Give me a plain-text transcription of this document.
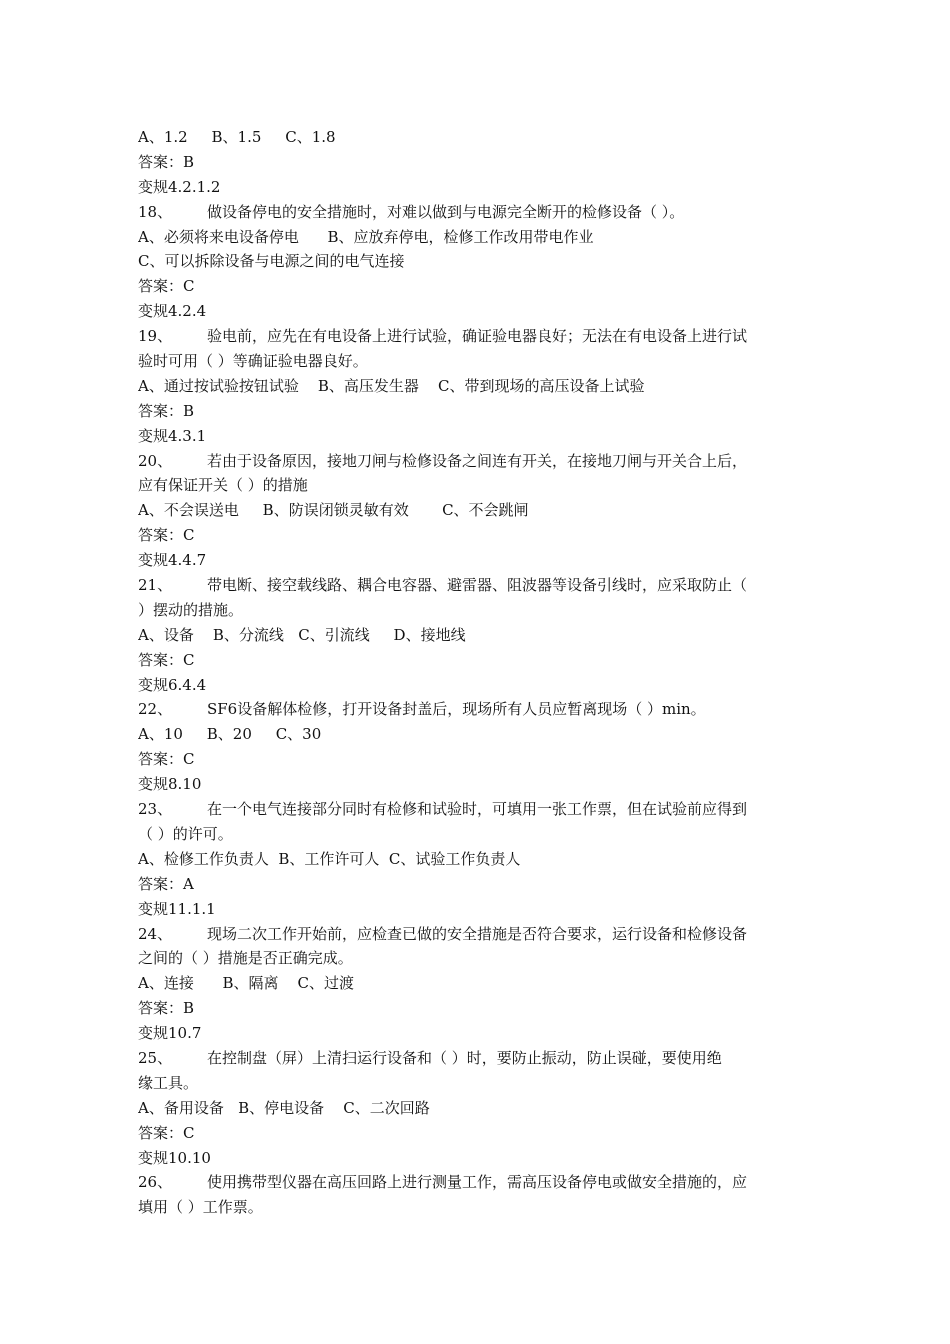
A、1.2     B、1.5     C、1.8
答案：B
变规4.2.1.2
18、	做设备停电的安全措施时，对难以做到与电源完全断开的检修设备（ ）。
A、必须将来电设备停电      B、应放弃停电，检修工作改用带电作业
C、可以拆除设备与电源之间的电气连接
答案：C
变规4.2.4
19、	验电前，应先在有电设备上进行试验，确证验电器良好；无法在有电设备上进行试
验时可用（ ）等确证验电器良好。
A、通过按试验按钮试验    B、高压发生器    C、带到现场的高压设备上试验
答案：B
变规4.3.1
20、	若由于设备原因，接地刀闸与检修设备之间连有开关，在接地刀闸与开关合上后，
应有保证开关（ ）的措施
A、不会误送电     B、防误闭锁灵敏有效       C、不会跳闸
答案：C
变规4.4.7
21、	带电断、接空载线路、耦合电容器、避雷器、阻波器等设备引线时，应采取防止（
）摆动的措施。
A、设备    B、分流线   C、引流线     D、接地线
答案：C
变规6.4.4
22、	SF6设备解体检修，打开设备封盖后，现场所有人员应暂离现场（ ）min。
A、10     B、20     C、30
答案：C
变规8.10
23、	在一个电气连接部分同时有检修和试验时，可填用一张工作票，但在试验前应得到
（ ）的许可。
A、检修工作负责人  B、工作许可人  C、试验工作负责人
答案：A
变规11.1.1
24、	现场二次工作开始前，应检查已做的安全措施是否符合要求，运行设备和检修设备
之间的（ ）措施是否正确完成。
A、连接      B、隔离    C、过渡
答案：B
变规10.7
25、	在控制盘（屏）上清扫运行设备和（ ）时，要防止振动，防止误碰，要使用绝
缘工具。
A、备用设备   B、停电设备    C、二次回路
答案：C
变规10.10
26、	使用携带型仪器在高压回路上进行测量工作，需高压设备停电或做安全措施的，应
填用（ ）工作票。
